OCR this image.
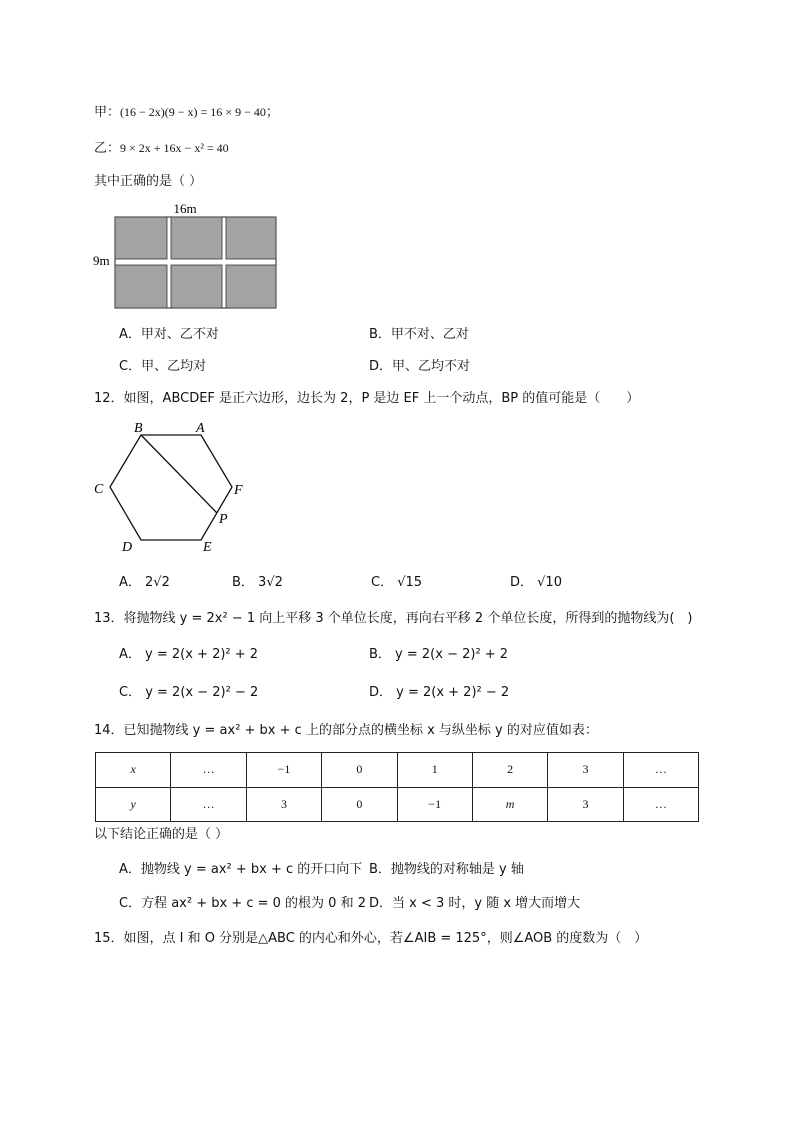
甲：(16 − 2x)(9 − x) = 16 × 9 − 40；
乙：9 × 2x + 16x − x² = 40
其中正确的是（ ）
16m
9m
A．甲对、乙不对	B．甲不对、乙对
C．甲、乙均对	D．甲、乙均不对
12．如图，ABCDEF 是正六边形，边长为 2，P 是边 EF 上一个动点，BP 的值可能是（　　）
B	A
C	F
P
D	E
A． 2√2	B． 3√2	C． √15	D． √10
13．将抛物线 y = 2x² − 1 向上平移 3 个单位长度，再向右平移 2 个单位长度，所得到的抛物线为(　)
A． y = 2(x + 2)² + 2	B． y = 2(x − 2)² + 2
C． y = 2(x − 2)² − 2	D． y = 2(x + 2)² − 2
14．已知抛物线 y = ax² + bx + c 上的部分点的横坐标 x 与纵坐标 y 的对应值如表：
x	…	−1	0	1	2	3	…
y	…	3	0	−1	m	3	…
以下结论正确的是（ ）
A．抛物线 y = ax² + bx + c 的开口向下 B．抛物线的对称轴是 y 轴
C．方程 ax² + bx + c = 0 的根为 0 和 2 D．当 x < 3 时，y 随 x 增大而增大
15．如图，点 I 和 O 分别是△ABC 的内心和外心，若∠AIB = 125°，则∠AOB 的度数为（　）
